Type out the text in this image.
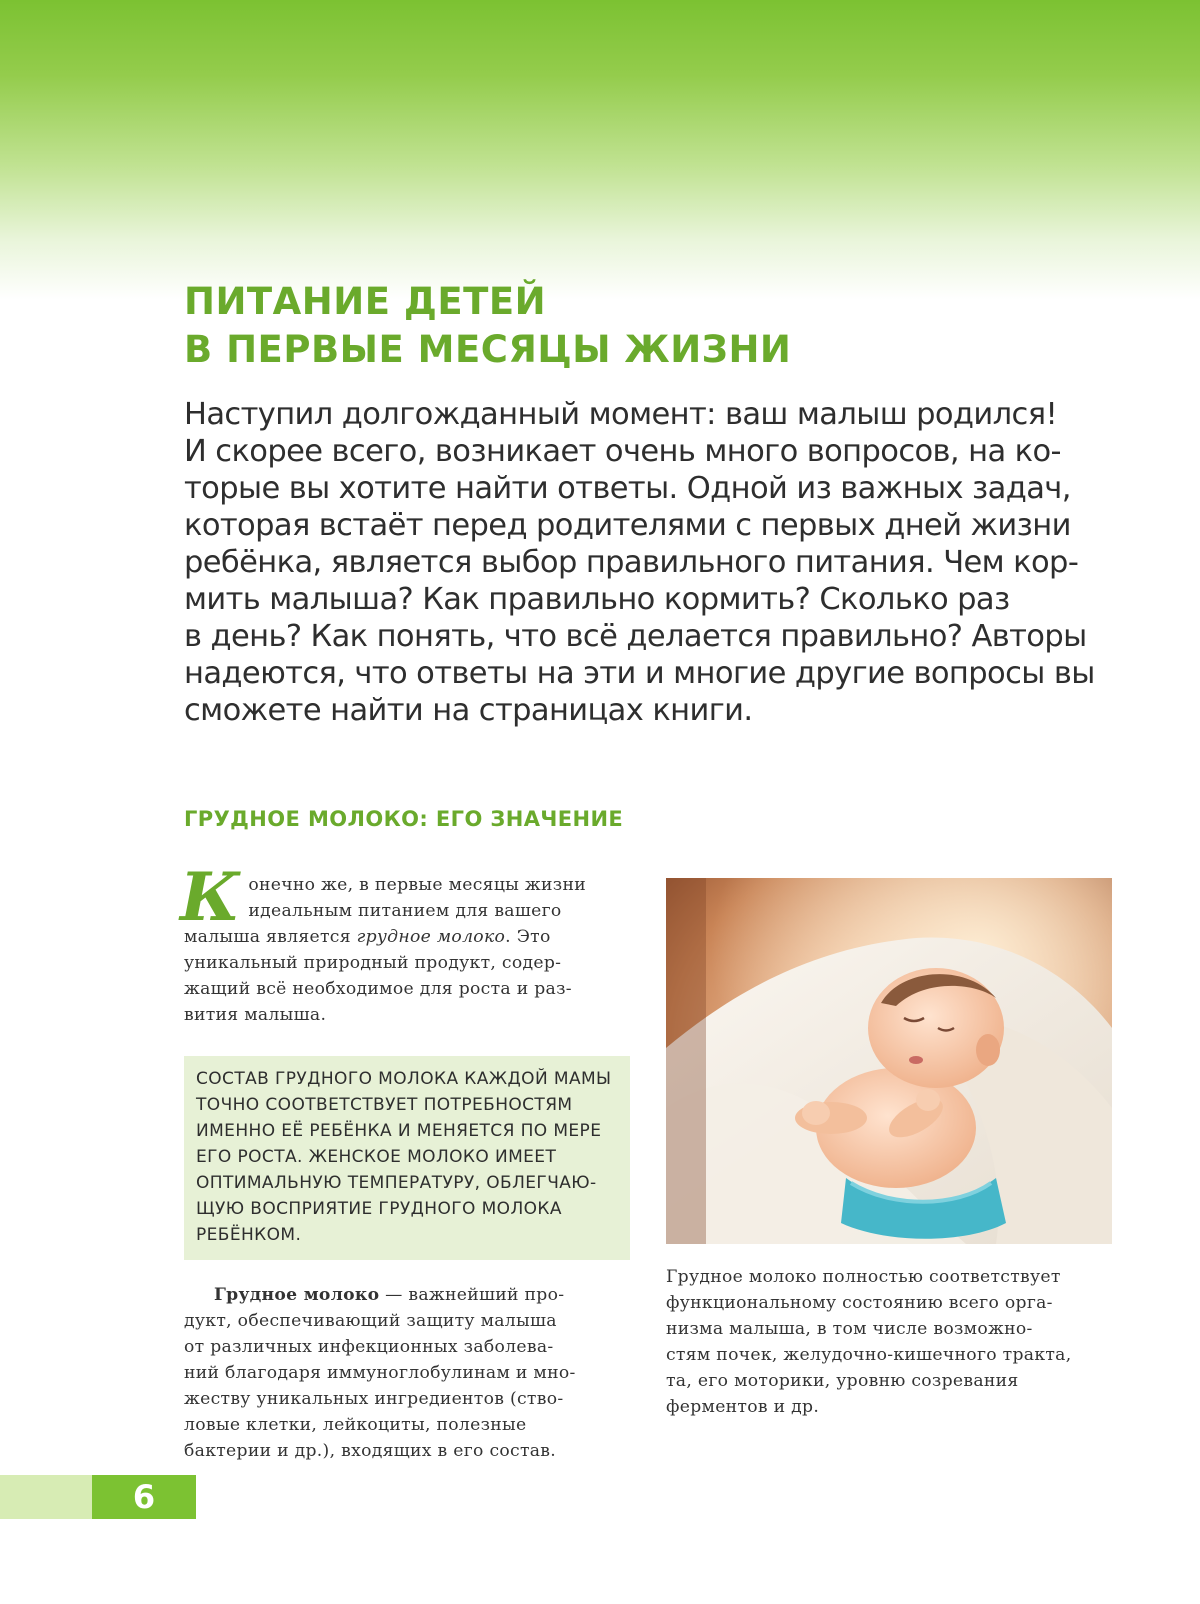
ПИТАНИЕ ДЕТЕЙ
В ПЕРВЫЕ МЕСЯЦЫ ЖИЗНИ

Наступил долгожданный момент: ваш малыш родился!
И скорее всего, возникает очень много вопросов, на ко-
торые вы хотите найти ответы. Одной из важных задач,
которая встаёт перед родителями с первых дней жизни
ребёнка, является выбор правильного питания. Чем кор-
мить малыша? Как правильно кормить? Сколько раз
в день? Как понять, что всё делается правильно? Авторы
надеются, что ответы на эти и многие другие вопросы вы
сможете найти на страницах книги.

ГРУДНОЕ МОЛОКО: ЕГО ЗНАЧЕНИЕ

К онечно же, в первые месяцы жизни
идеальным питанием для вашего
малыша является грудное молоко. Это
уникальный природный продукт, содер-
жащий всё необходимое для роста и раз-
вития малыша.

СОСТАВ ГРУДНОГО МОЛОКА КАЖДОЙ МАМЫ
ТОЧНО СООТВЕТСТВУЕТ ПОТРЕБНОСТЯМ
ИМЕННО ЕЁ РЕБЁНКА И МЕНЯЕТСЯ ПО МЕРЕ
ЕГО РОСТА. ЖЕНСКОЕ МОЛОКО ИМЕЕТ
ОПТИМАЛЬНУЮ ТЕМПЕРАТУРУ, ОБЛЕГЧАЮ-
ЩУЮ ВОСПРИЯТИЕ ГРУДНОГО МОЛОКА
РЕБЁНКОМ.

Грудное молоко — важнейший про-
дукт, обеспечивающий защиту малыша
от различных инфекционных заболева-
ний благодаря иммуноглобулинам и мно-
жеству уникальных ингредиентов (ство-
ловые клетки, лейкоциты, полезные
бактерии и др.), входящих в его состав.

Грудное молоко полностью соответствует
функциональному состоянию всего орга-
низма малыша, в том числе возможно-
стям почек, желудочно-кишечного тракта,
та, его моторики, уровню созревания
ферментов и др.

6
